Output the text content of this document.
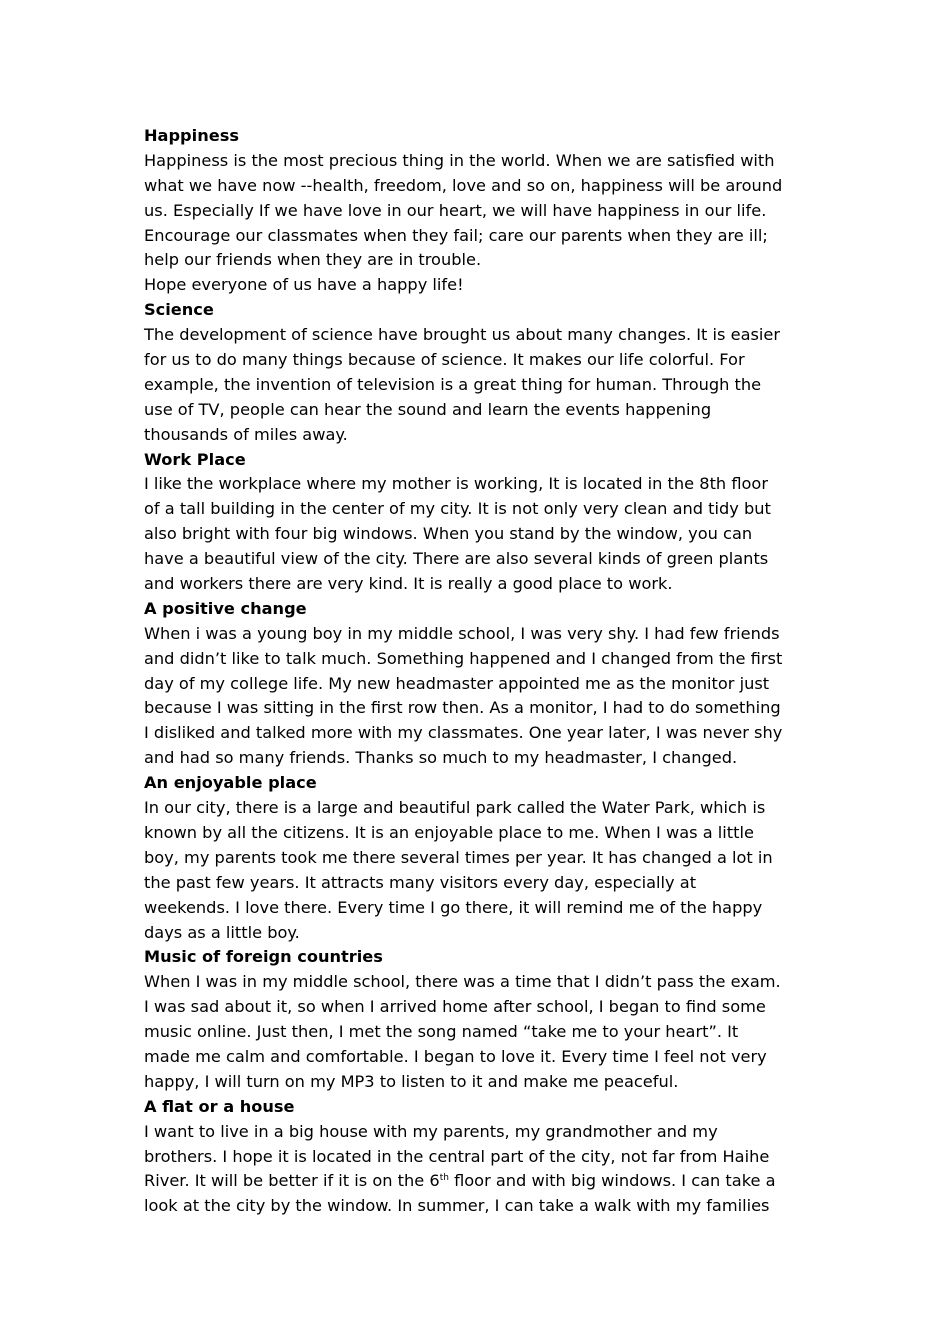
Happiness
Happiness is the most precious thing in the world. When we are satisfied with
what we have now --health, freedom, love and so on, happiness will be around
us. Especially If we have love in our heart, we will have happiness in our life.
Encourage our classmates when they fail; care our parents when they are ill;
help our friends when they are in trouble.
Hope everyone of us have a happy life!
Science
The development of science have brought us about many changes. It is easier
for us to do many things because of science. It makes our life colorful. For
example, the invention of television is a great thing for human. Through the
use of TV, people can hear the sound and learn the events happening
thousands of miles away.
Work Place
I like the workplace where my mother is working, It is located in the 8th floor
of a tall building in the center of my city. It is not only very clean and tidy but
also bright with four big windows. When you stand by the window, you can
have a beautiful view of the city. There are also several kinds of green plants
and workers there are very kind. It is really a good place to work.
A positive change
When i was a young boy in my middle school, I was very shy. I had few friends
and didn’t like to talk much. Something happened and I changed from the first
day of my college life. My new headmaster appointed me as the monitor just
because I was sitting in the first row then. As a monitor, I had to do something
I disliked and talked more with my classmates. One year later, I was never shy
and had so many friends. Thanks so much to my headmaster, I changed.
An enjoyable place
In our city, there is a large and beautiful park called the Water Park, which is
known by all the citizens. It is an enjoyable place to me. When I was a little
boy, my parents took me there several times per year. It has changed a lot in
the past few years. It attracts many visitors every day, especially at
weekends. I love there. Every time I go there, it will remind me of the happy
days as a little boy.
Music of foreign countries
When I was in my middle school, there was a time that I didn’t pass the exam.
I was sad about it, so when I arrived home after school, I began to find some
music online. Just then, I met the song named “take me to your heart”. It
made me calm and comfortable. I began to love it. Every time I feel not very
happy, I will turn on my MP3 to listen to it and make me peaceful.
A flat or a house
I want to live in a big house with my parents, my grandmother and my
brothers. I hope it is located in the central part of the city, not far from Haihe
River. It will be better if it is on the 6th floor and with big windows. I can take a
look at the city by the window. In summer, I can take a walk with my families
